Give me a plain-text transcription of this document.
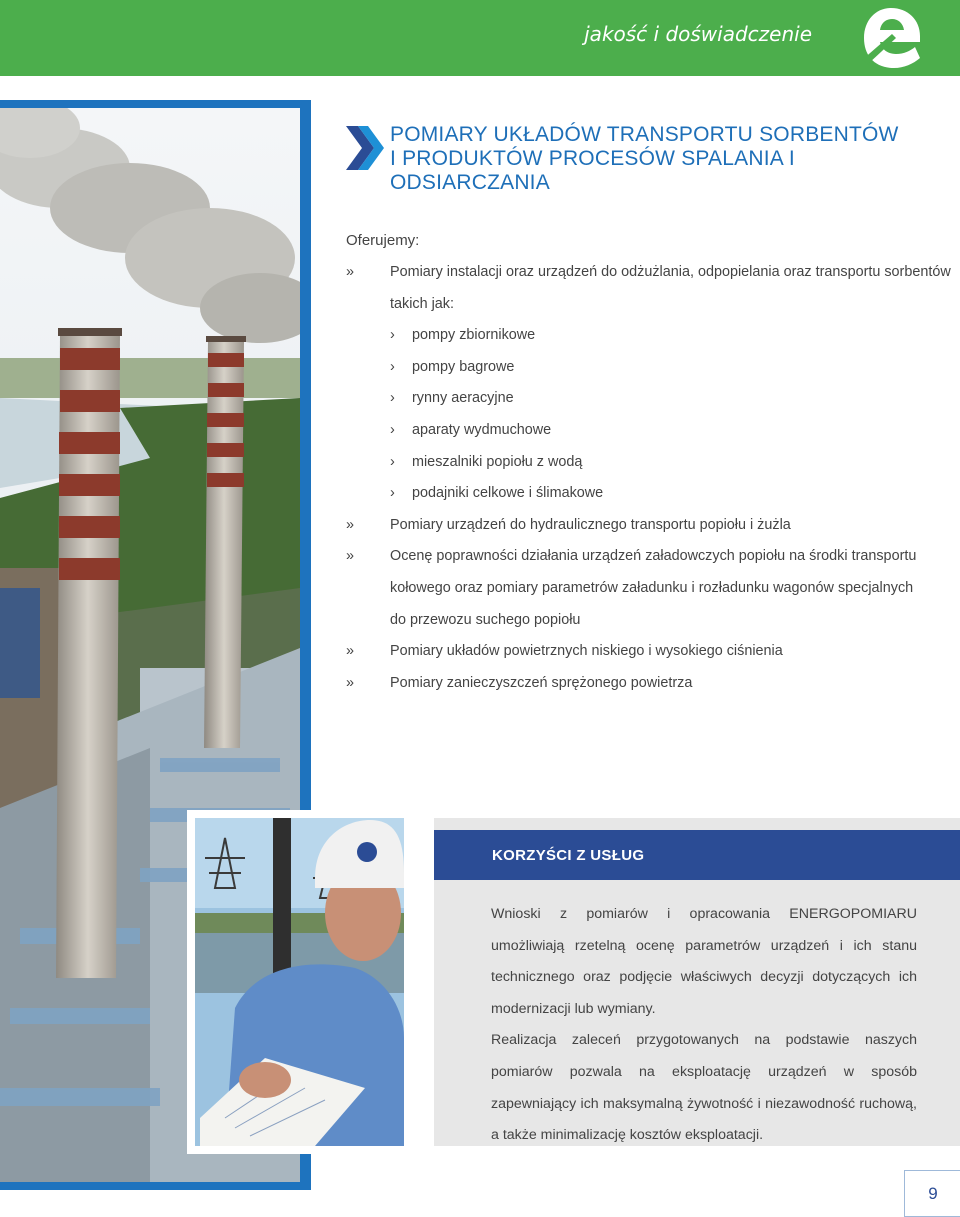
jakość i doświadczenie
POMIARY UKŁADÓW TRANSPORTU SORBENTÓW
I PRODUKTÓW PROCESÓW SPALANIA I
ODSIARCZANIA
Oferujemy:
» Pomiary instalacji oraz urządzeń do odżużlania, odpopielania oraz transportu sorbentów
takich jak:
› pompy zbiornikowe
› pompy bagrowe
› rynny aeracyjne
› aparaty wydmuchowe
› mieszalniki popiołu z wodą
› podajniki celkowe i ślimakowe
» Pomiary urządzeń do hydraulicznego transportu popiołu i żużla
» Ocenę poprawności działania urządzeń załadowczych popiołu na środki transportu
kołowego oraz pomiary parametrów załadunku i rozładunku wagonów specjalnych
do przewozu suchego popiołu
» Pomiary układów powietrznych niskiego i wysokiego ciśnienia
» Pomiary zanieczyszczeń sprężonego powietrza
KORZYŚCI Z USŁUG

Wnioski z pomiarów i opracowania ENERGOPOMIARU umożliwiają rzetelną ocenę parametrów urządzeń i ich stanu technicznego oraz podjęcie właściwych decyzji dotyczących ich modernizacji lub wymiany.

Realizacja zaleceń przygotowanych na podstawie naszych pomiarów pozwala na eksploatację urządzeń w sposób zapewniający ich maksymalną żywotność i niezawodność ruchową, a także minimalizację kosztów eksploatacji.

9
